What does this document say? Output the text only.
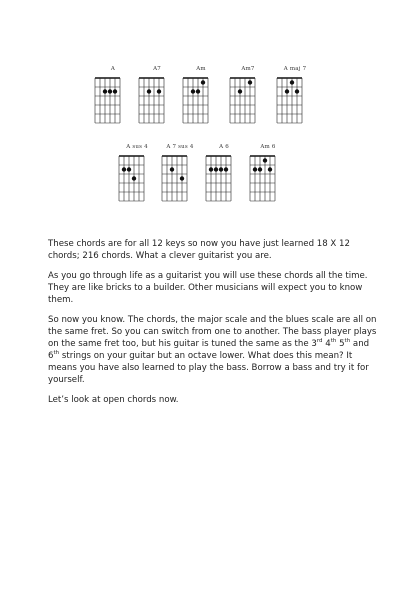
A	A7	Am	Am7	A maj 7
A sus 4	A 7 sus 4	A 6	Am 6

These chords are for all 12 keys so now you have just learned 18 X 12 chords; 216 chords. What a clever guitarist you are.

As you go through life as a guitarist you will use these chords all the time. They are like bricks to a builder. Other musicians will expect you to know them.

So now you know. The chords, the major scale and the blues scale are all on the same fret. So you can switch from one to another. The bass player plays on the same fret too, but his guitar is tuned the same as the 3rd 4th 5th and 6th strings on your guitar but an octave lower. What does this mean? It means you have also learned to play the bass. Borrow a bass and try it for yourself.

Let’s look at open chords now.
